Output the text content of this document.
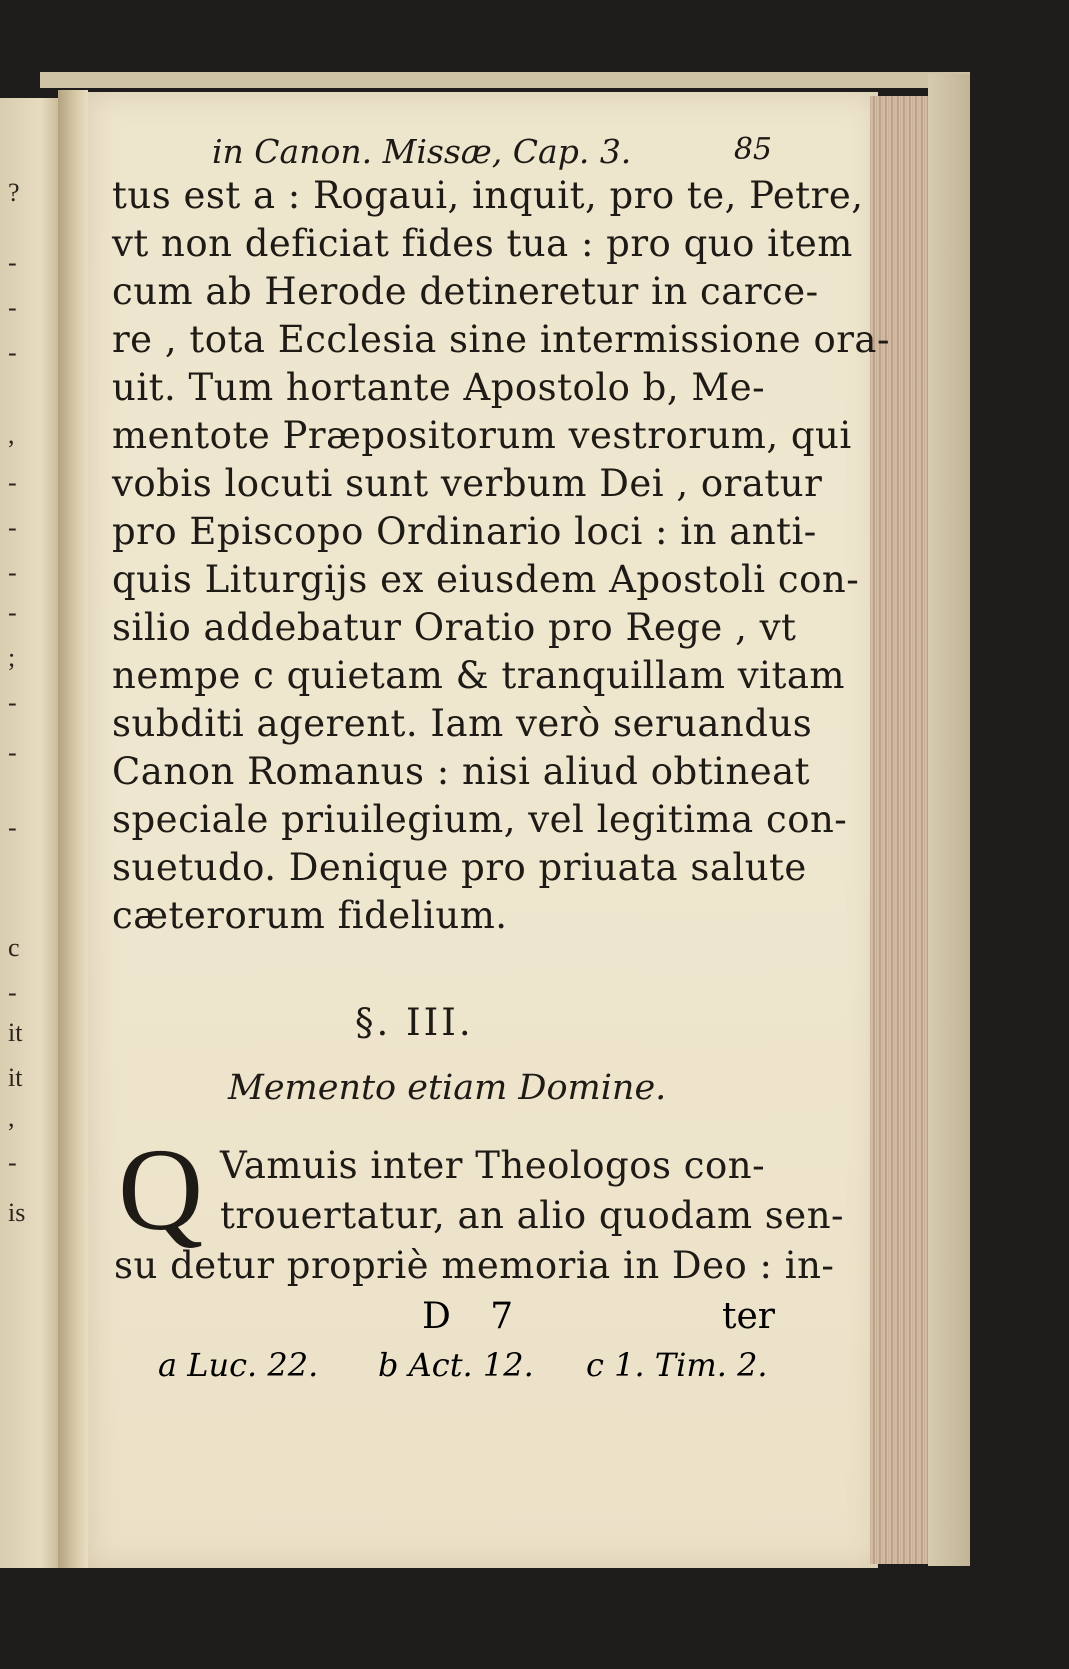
?
-
-
-
,
-
-
-
-
;
-
-
-
c
-
it
it
,
-
is
in Canon. Missæ, Cap. 3.	85
tus est a : Rogaui, inquit, pro te, Petre,
vt non deficiat fides tua : pro quo item
cum ab Herode detineretur in carce-
re , tota Ecclesia sine intermissione ora-
uit. Tum hortante Apostolo b, Me-
mentote Præpositorum vestrorum, qui
vobis locuti sunt verbum Dei , oratur
pro Episcopo Ordinario loci : in anti-
quis Liturgijs ex eiusdem Apostoli con-
silio addebatur Oratio pro Rege , vt
nempe c quietam & tranquillam vitam
subditi agerent. Iam verò seruandus
Canon Romanus : nisi aliud obtineat
speciale priuilegium, vel legitima con-
suetudo. Denique pro priuata salute
cæterorum fidelium.
§. III.
Memento etiam Domine.
Q Vamuis inter Theologos con-
trouertatur, an alio quodam sen-
su detur propriè memoria in Deo : in-
D 7	ter
a Luc. 22. b Act. 12. c 1. Tim. 2.
